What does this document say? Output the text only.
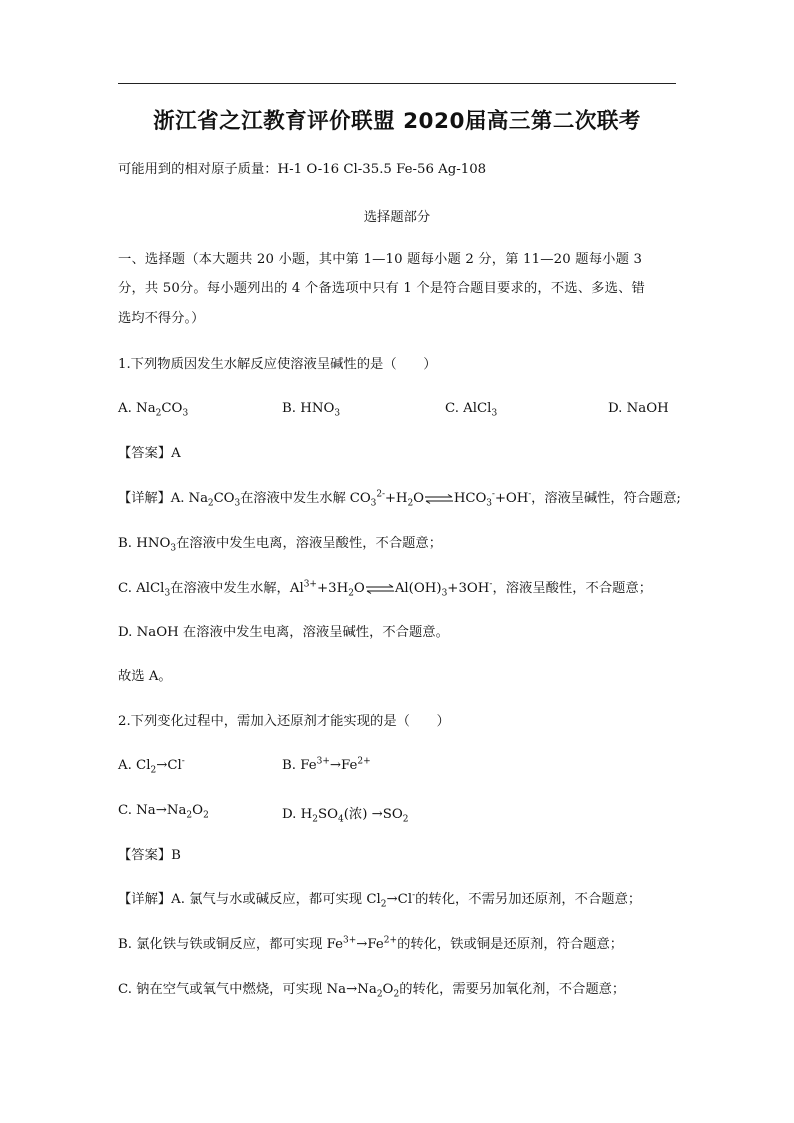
浙江省之江教育评价联盟 2020届高三第二次联考
可能用到的相对原子质量：H-1 O-16 Cl-35.5 Fe-56 Ag-108
选择题部分
一、选择题（本大题共 20 小题，其中第 1—10 题每小题 2 分，第 11—20 题每小题 3
分，共 50分。每小题列出的 4 个备选项中只有 1 个是符合题目要求的，不选、多选、错
选均不得分。）
1.下列物质因发生水解反应使溶液呈碱性的是（　　）
A. $Na_2CO_3$	B. $HNO_3$	C. AlCl$_3$	D. NaOH
【答案】A
【详解】A. $Na_2CO_3$在溶液中发生水解 $CO_3^{2-}+H_2O\rightleftharpoons HCO_3^-+OH^-$，溶液呈碱性，符合题意;
B. $HNO_3$在溶液中发生电离，溶液呈酸性，不合题意；
C. AlCl$_3$在溶液中发生水解，$Al^{3+}+3H_2O\rightleftharpoons Al(OH)_3+3OH^-$，溶液呈酸性，不合题意；
D. NaOH 在溶液中发生电离，溶液呈碱性，不合题意。
故选 A。
2.下列变化过程中，需加入还原剂才能实现的是（　　）
A. $Cl_2\to Cl^-$	B. $Fe^{3+}\to Fe^{2+}$
C. $Na\to Na_2O_2$	D. $H_2SO_4$(浓) $\to SO_2$
【答案】B
【详解】A. 氯气与水或碱反应，都可实现 $Cl_2\to Cl^-$的转化，不需另加还原剂，不合题意；
B. 氯化铁与铁或铜反应，都可实现 $Fe^{3+}\to Fe^{2+}$的转化，铁或铜是还原剂，符合题意；
C. 钠在空气或氧气中燃烧，可实现 $Na\to Na_2O_2$的转化，需要另加氧化剂，不合题意；
